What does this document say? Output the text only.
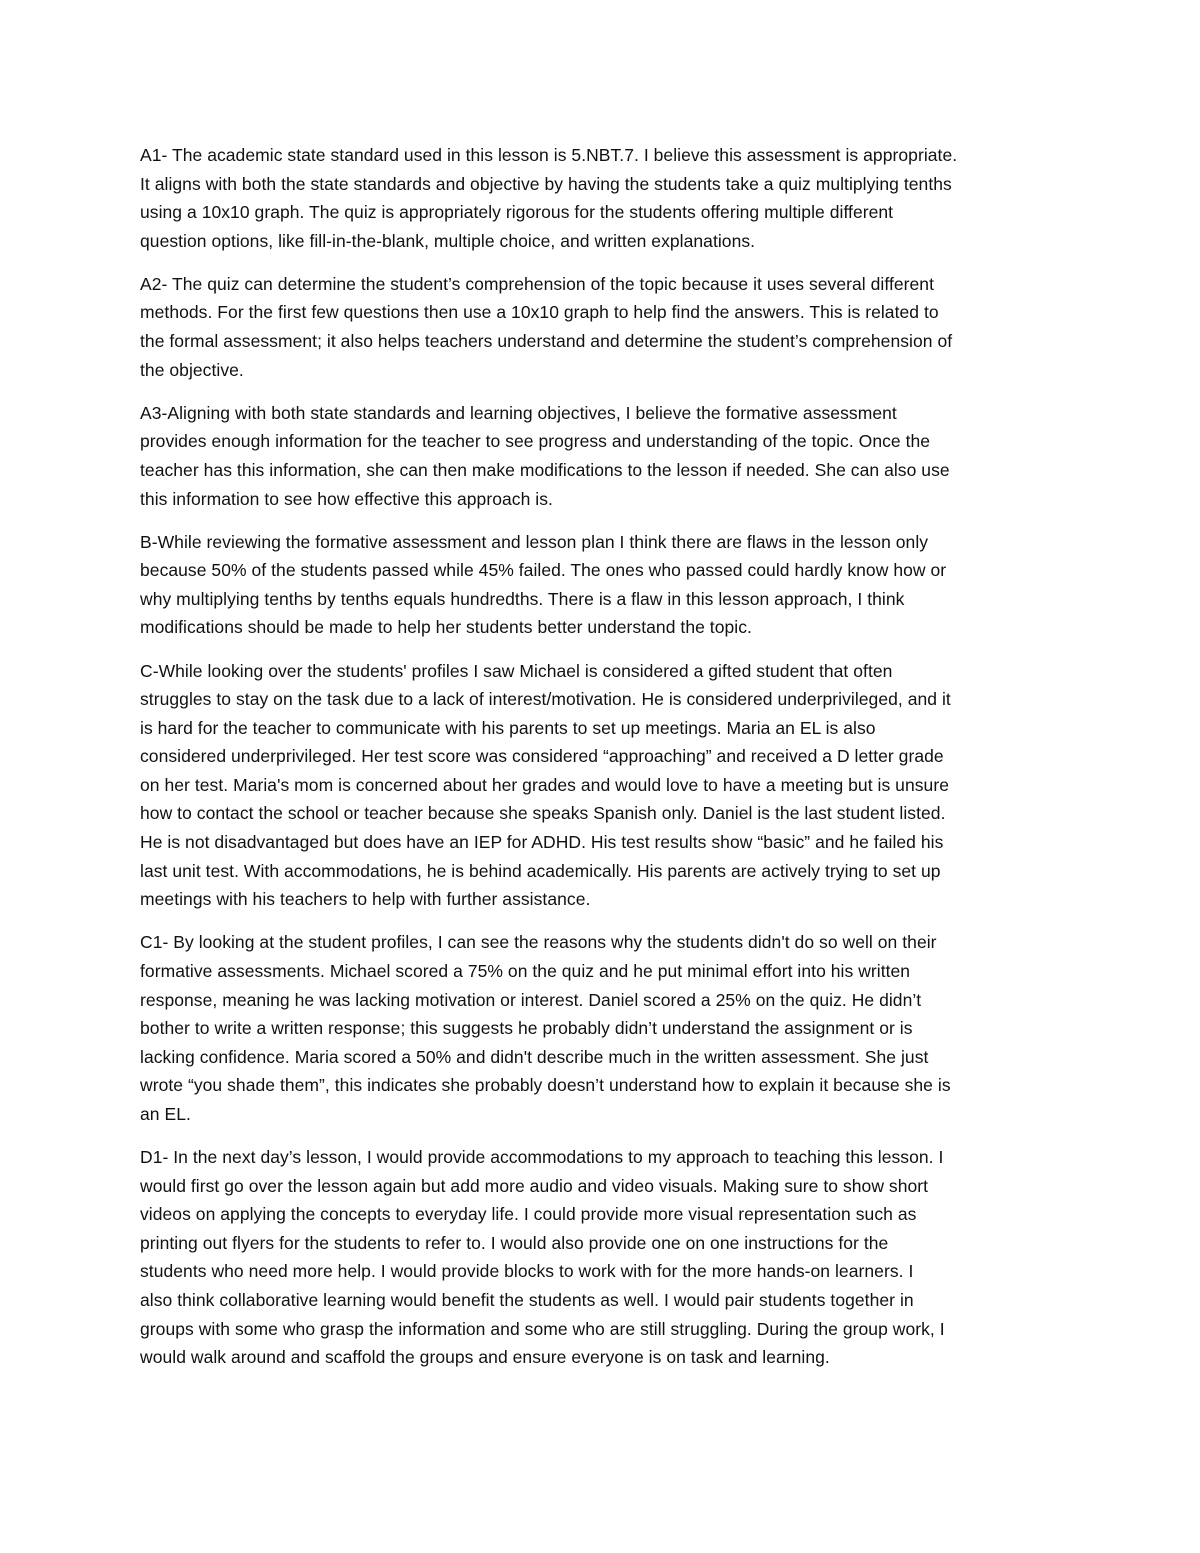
A1- The academic state standard used in this lesson is 5.NBT.7. I believe this assessment is appropriate.
It aligns with both the state standards and objective by having the students take a quiz multiplying tenths
using a 10x10 graph. The quiz is appropriately rigorous for the students offering multiple different
question options, like fill-in-the-blank, multiple choice, and written explanations.

A2- The quiz can determine the student’s comprehension of the topic because it uses several different
methods. For the first few questions then use a 10x10 graph to help find the answers. This is related to
the formal assessment; it also helps teachers understand and determine the student’s comprehension of
the objective.

A3-Aligning with both state standards and learning objectives, I believe the formative assessment
provides enough information for the teacher to see progress and understanding of the topic. Once the
teacher has this information, she can then make modifications to the lesson if needed. She can also use
this information to see how effective this approach is.

B-While reviewing the formative assessment and lesson plan I think there are flaws in the lesson only
because 50% of the students passed while 45% failed. The ones who passed could hardly know how or
why multiplying tenths by tenths equals hundredths. There is a flaw in this lesson approach, I think
modifications should be made to help her students better understand the topic.

C-While looking over the students' profiles I saw Michael is considered a gifted student that often
struggles to stay on the task due to a lack of interest/motivation. He is considered underprivileged, and it
is hard for the teacher to communicate with his parents to set up meetings. Maria an EL is also
considered underprivileged. Her test score was considered “approaching” and received a D letter grade
on her test. Maria's mom is concerned about her grades and would love to have a meeting but is unsure
how to contact the school or teacher because she speaks Spanish only. Daniel is the last student listed.
He is not disadvantaged but does have an IEP for ADHD. His test results show “basic” and he failed his
last unit test. With accommodations, he is behind academically. His parents are actively trying to set up
meetings with his teachers to help with further assistance.

C1- By looking at the student profiles, I can see the reasons why the students didn't do so well on their
formative assessments. Michael scored a 75% on the quiz and he put minimal effort into his written
response, meaning he was lacking motivation or interest. Daniel scored a 25% on the quiz. He didn’t
bother to write a written response; this suggests he probably didn’t understand the assignment or is
lacking confidence. Maria scored a 50% and didn't describe much in the written assessment. She just
wrote “you shade them”, this indicates she probably doesn’t understand how to explain it because she is
an EL.

D1- In the next day’s lesson, I would provide accommodations to my approach to teaching this lesson. I
would first go over the lesson again but add more audio and video visuals. Making sure to show short
videos on applying the concepts to everyday life. I could provide more visual representation such as
printing out flyers for the students to refer to. I would also provide one on one instructions for the
students who need more help. I would provide blocks to work with for the more hands-on learners. I
also think collaborative learning would benefit the students as well. I would pair students together in
groups with some who grasp the information and some who are still struggling. During the group work, I
would walk around and scaffold the groups and ensure everyone is on task and learning.
